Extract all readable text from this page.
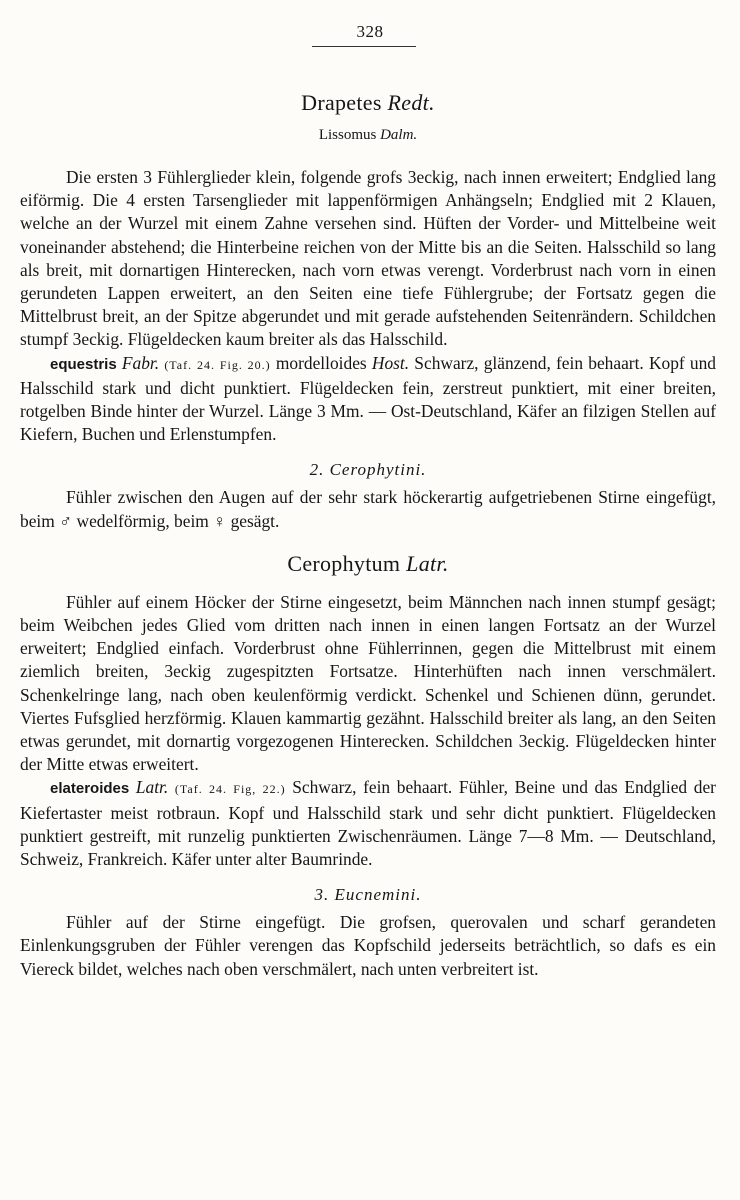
328
Drapetes Redt.
Lissomus Dalm.

Die ersten 3 Fühlerglieder klein, folgende grofs 3eckig, nach innen erweitert; Endglied lang eiförmig. Die 4 ersten Tarsenglieder mit lappenförmigen Anhängseln; Endglied mit 2 Klauen, welche an der Wurzel mit einem Zahne versehen sind. Hüften der Vorder- und Mittelbeine weit voneinander abstehend; die Hinterbeine reichen von der Mitte bis an die Seiten. Halsschild so lang als breit, mit dornartigen Hinterecken, nach vorn etwas verengt. Vorderbrust nach vorn in einen gerundeten Lappen erweitert, an den Seiten eine tiefe Fühlergrube; der Fortsatz gegen die Mittelbrust breit, an der Spitze abgerundet und mit gerade aufstehenden Seitenrändern. Schildchen stumpf 3eckig. Flügeldecken kaum breiter als das Halsschild.

equestris Fabr. (Taf. 24. Fig. 20.) mordelloides Host. Schwarz, glänzend, fein behaart. Kopf und Halsschild stark und dicht punktiert. Flügeldecken fein, zerstreut punktiert, mit einer breiten, rotgelben Binde hinter der Wurzel. Länge 3 Mm. — Ost-Deutschland, Käfer an filzigen Stellen auf Kiefern, Buchen und Erlenstumpfen.

2. Cerophytini.

Fühler zwischen den Augen auf der sehr stark höckerartig aufgetriebenen Stirne eingefügt, beim ♂ wedelförmig, beim ♀ gesägt.

Cerophytum Latr.

Fühler auf einem Höcker der Stirne eingesetzt, beim Männchen nach innen stumpf gesägt; beim Weibchen jedes Glied vom dritten nach innen in einen langen Fortsatz an der Wurzel erweitert; Endglied einfach. Vorderbrust ohne Fühlerrinnen, gegen die Mittelbrust mit einem ziemlich breiten, 3eckig zugespitzten Fortsatze. Hinterhüften nach innen verschmälert. Schenkelringe lang, nach oben keulenförmig verdickt. Schenkel und Schienen dünn, gerundet. Viertes Fufsglied herzförmig. Klauen kammartig gezähnt. Halsschild breiter als lang, an den Seiten etwas gerundet, mit dornartig vorgezogenen Hinterecken. Schildchen 3eckig. Flügeldecken hinter der Mitte etwas erweitert.

elateroides Latr. (Taf. 24. Fig, 22.) Schwarz, fein behaart. Fühler, Beine und das Endglied der Kiefertaster meist rotbraun. Kopf und Halsschild stark und sehr dicht punktiert. Flügeldecken punktiert gestreift, mit runzelig punktierten Zwischenräumen. Länge 7—8 Mm. — Deutschland, Schweiz, Frankreich. Käfer unter alter Baumrinde.

3. Eucnemini.

Fühler auf der Stirne eingefügt. Die grofsen, querovalen und scharf gerandeten Einlenkungsgruben der Fühler verengen das Kopfschild jederseits beträchtlich, so dafs es ein Viereck bildet, welches nach oben verschmälert, nach unten verbreitert ist.
